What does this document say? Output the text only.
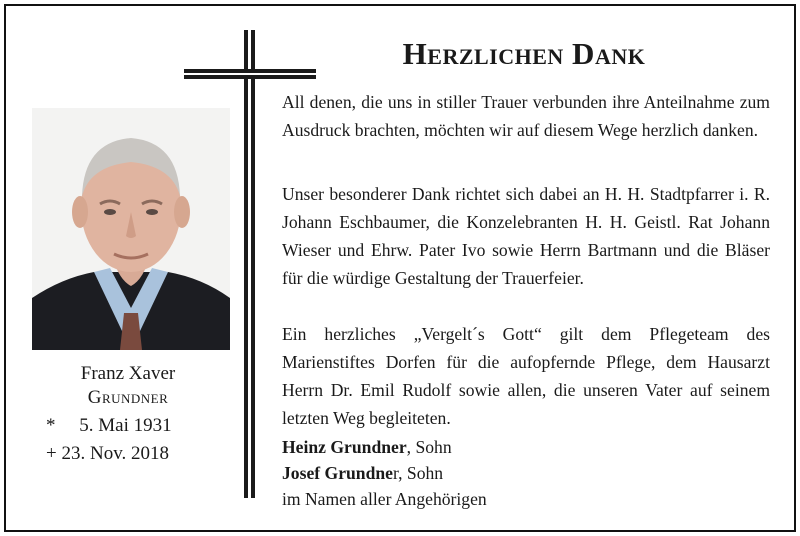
Franz Xaver
Grundner
* 5. Mai 1931
+ 23. Nov. 2018
Herzlichen Dank
All denen, die uns in stiller Trauer verbunden ihre Anteilnahme zum Ausdruck brachten, möchten wir auf diesem Wege herzlich danken.
Unser besonderer Dank richtet sich dabei an H. H. Stadtpfarrer i. R. Johann Eschbaumer, die Konzelebranten H. H. Geistl. Rat Johann Wieser und Ehrw. Pater Ivo sowie Herrn Bartmann und die Bläser für die würdige Gestaltung der Trauerfeier.
Ein herzliches „Vergelt´s Gott“ gilt dem Pflegeteam des Marienstiftes Dorfen für die aufopfernde Pflege, dem Hausarzt Herrn Dr. Emil Rudolf sowie allen, die unseren Vater auf seinem letzten Weg begleiteten.
Heinz Grundner, Sohn
Josef Grundner, Sohn
im Namen aller Angehörigen
